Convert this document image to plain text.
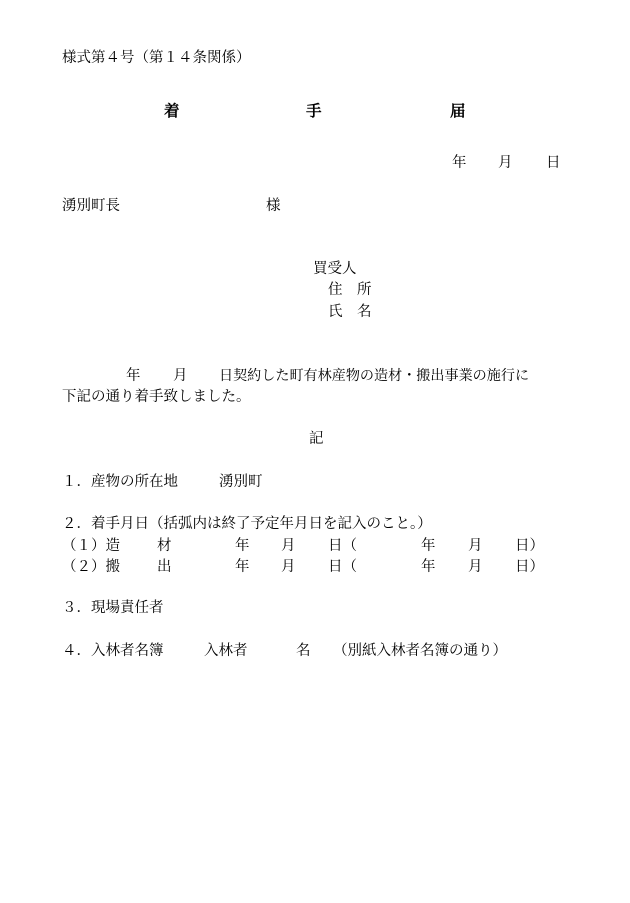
様式第４号（第１４条関係）
着	手	届
年 月 日
湧別町長	様
買受人
住　所
氏　名
年 月 日契約した町有林産物の造材・搬出事業の施行に
下記の通り着手致しました。
記
１．産物の所在地	湧別町
２．着手月日（括弧内は終了予定年月日を記入のこと。）
（１）造	材	年 月 日（	年 月 日）
（２）搬	出	年 月 日（	年 月 日）
３．現場責任者
４．入林者名簿	入林者	名 （別紙入林者名簿の通り）
